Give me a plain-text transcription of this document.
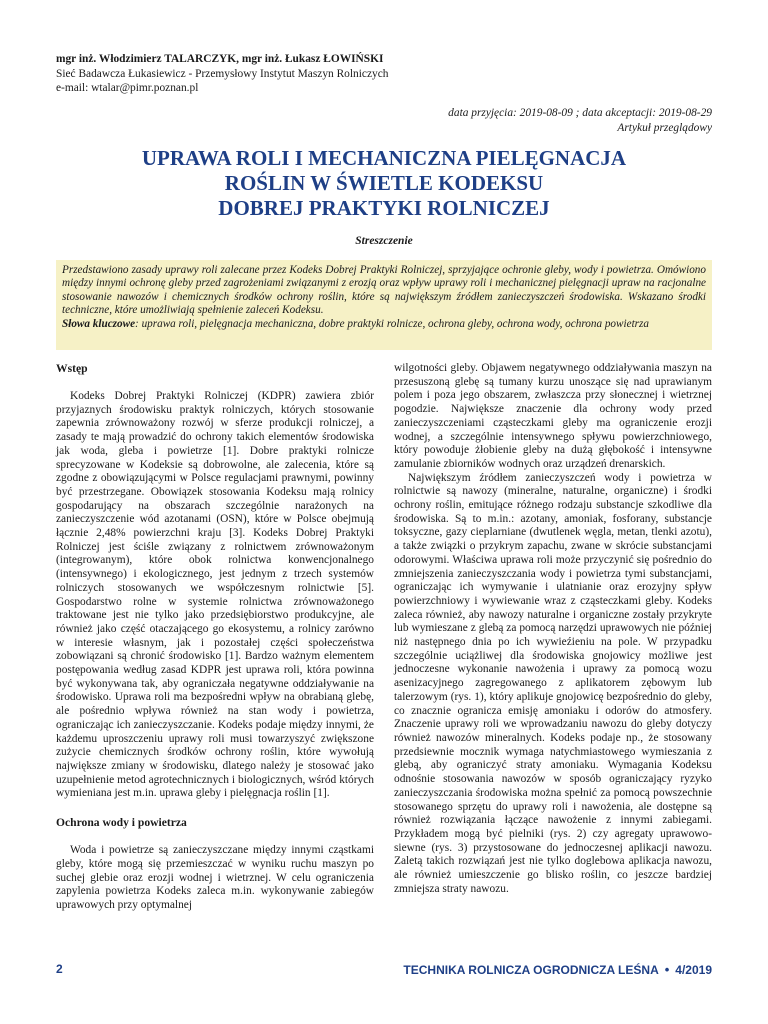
mgr inż. Włodzimierz TALARCZYK, mgr inż. Łukasz ŁOWIŃSKI
Sieć Badawcza Łukasiewicz - Przemysłowy Instytut Maszyn Rolniczych
e-mail: wtalar@pimr.poznan.pl
data przyjęcia: 2019-08-09 ; data akceptacji: 2019-08-29
Artykuł przeglądowy
UPRAWA ROLI I MECHANICZNA PIELĘGNACJA
ROŚLIN W ŚWIETLE KODEKSU
DOBREJ PRAKTYKI ROLNICZEJ
Streszczenie

Przedstawiono zasady uprawy roli zalecane przez Kodeks Dobrej Praktyki Rolniczej, sprzyjające ochronie gleby, wody i powietrza. Omówiono między innymi ochronę gleby przed zagrożeniami związanymi z erozją oraz wpływ uprawy roli i mechanicznej pielęgnacji upraw na racjonalne stosowanie nawozów i chemicznych środków ochrony roślin, które są największym źródłem zanieczyszczeń środowiska. Wskazano środki techniczne, które umożliwiają spełnienie zaleceń Kodeksu.

Słowa kluczowe: uprawa roli, pielęgnacja mechaniczna, dobre praktyki rolnicze, ochrona gleby, ochrona wody, ochrona powietrza

Wstęp

Kodeks Dobrej Praktyki Rolniczej (KDPR) zawiera zbiór przyjaznych środowisku praktyk rolniczych, których stosowanie zapewnia zrównoważony rozwój w sferze produkcji rolniczej, a zasady te mają prowadzić do ochrony takich elementów środowiska jak woda, gleba i powietrze [1]. Dobre praktyki rolnicze sprecyzowane w Kodeksie są dobrowolne, ale zalecenia, które są zgodne z obowiązującymi w Polsce regulacjami prawnymi, powinny być przestrzegane. Obowiązek stosowania Kodeksu mają rolnicy gospodarujący na obszarach szczególnie narażonych na zanieczyszczenie wód azotanami (OSN), które w Polsce obejmują łącznie 2,48% powierzchni kraju [3]. Kodeks Dobrej Praktyki Rolniczej jest ściśle związany z rolnictwem zrównoważonym (integrowanym), które obok rolnictwa konwencjonalnego (intensywnego) i ekologicznego, jest jednym z trzech systemów rolniczych stosowanych we współczesnym rolnictwie [5]. Gospodarstwo rolne w systemie rolnictwa zrównoważonego traktowane jest nie tylko jako przedsiębiorstwo produkcyjne, ale również jako część otaczającego go ekosystemu, a rolnicy zarówno w interesie własnym, jak i pozostałej części społeczeństwa zobowiązani są chronić środowisko [1]. Bardzo ważnym elementem postępowania według zasad KDPR jest uprawa roli, która powinna być wykonywana tak, aby ograniczała negatywne oddziaływanie na środowisko. Uprawa roli ma bezpośredni wpływ na obrabianą glebę, ale pośrednio wpływa również na stan wody i powietrza, ograniczając ich zanieczyszczanie. Kodeks podaje między innymi, że każdemu uproszczeniu uprawy roli musi towarzyszyć zwiększone zużycie chemicznych środków ochrony roślin, które wywołują największe zmiany w środowisku, dlatego należy je stosować jako uzupełnienie metod agrotechnicznych i biologicznych, wśród których wymieniana jest m.in. uprawa gleby i pielęgnacja roślin [1].

Ochrona wody i powietrza

Woda i powietrze są zanieczyszczane między innymi cząstkami gleby, które mogą się przemieszczać w wyniku ruchu maszyn po suchej glebie oraz erozji wodnej i wietrznej. W celu ograniczenia zapylenia powietrza Kodeks zaleca m.in. wykonywanie zabiegów uprawowych przy optymalnej

wilgotności gleby. Objawem negatywnego oddziaływania maszyn na przesuszoną glebę są tumany kurzu unoszące się nad uprawianym polem i poza jego obszarem, zwłaszcza przy słonecznej i wietrznej pogodzie. Największe znaczenie dla ochrony wody przed zanieczyszczeniami cząsteczkami gleby ma ograniczenie erozji wodnej, a szczególnie intensywnego spływu powierzchniowego, który powoduje żłobienie gleby na dużą głębokość i intensywne zamulanie zbiorników wodnych oraz urządzeń drenarskich.

Największym źródłem zanieczyszczeń wody i powietrza w rolnictwie są nawozy (mineralne, naturalne, organiczne) i środki ochrony roślin, emitujące różnego rodzaju substancje szkodliwe dla środowiska. Są to m.in.: azotany, amoniak, fosforany, substancje toksyczne, gazy cieplarniane (dwutlenek węgla, metan, tlenki azotu), a także związki o przykrym zapachu, zwane w skrócie substancjami odorowymi. Właściwa uprawa roli może przyczynić się pośrednio do zmniejszenia zanieczyszczania wody i powietrza tymi substancjami, ograniczając ich wymywanie i ulatnianie oraz erozyjny spływ powierzchniowy i wywiewanie wraz z cząsteczkami gleby. Kodeks zaleca również, aby nawozy naturalne i organiczne zostały przykryte lub wymieszane z glebą za pomocą narzędzi uprawowych nie później niż następnego dnia po ich wywieźieniu na pole. W przypadku szczególnie uciążliwej dla środowiska gnojowicy możliwe jest jednoczesne wykonanie nawożenia i uprawy za pomocą wozu asenizacyjnego zagregowanego z aplikatorem zębowym lub talerzowym (rys. 1), który aplikuje gnojowicę bezpośrednio do gleby, co znacznie ogranicza emisję amoniaku i odorów do atmosfery. Znaczenie uprawy roli we wprowadzaniu nawozu do gleby dotyczy również nawozów mineralnych. Kodeks podaje np., że stosowany przedsiewnie mocznik wymaga natychmiastowego wymieszania z glebą, aby ograniczyć straty amoniaku. Wymagania Kodeksu odnośnie stosowania nawozów w sposób ograniczający ryzyko zanieczyszczania środowiska można spełnić za pomocą powszechnie stosowanego sprzętu do uprawy roli i nawożenia, ale dostępne są również rozwiązania łączące nawożenie z innymi zabiegami. Przykładem mogą być pielniki (rys. 2) czy agregaty uprawowo-siewne (rys. 3) przystosowane do jednoczesnej aplikacji nawozu. Zaletą takich rozwiązań jest nie tylko doglebowa aplikacja nawozu, ale również umieszczenie go blisko roślin, co jeszcze bardziej zmniejsza straty nawozu.

2	TECHNIKA ROLNICZA OGRODNICZA LEŚNA • 4/2019
